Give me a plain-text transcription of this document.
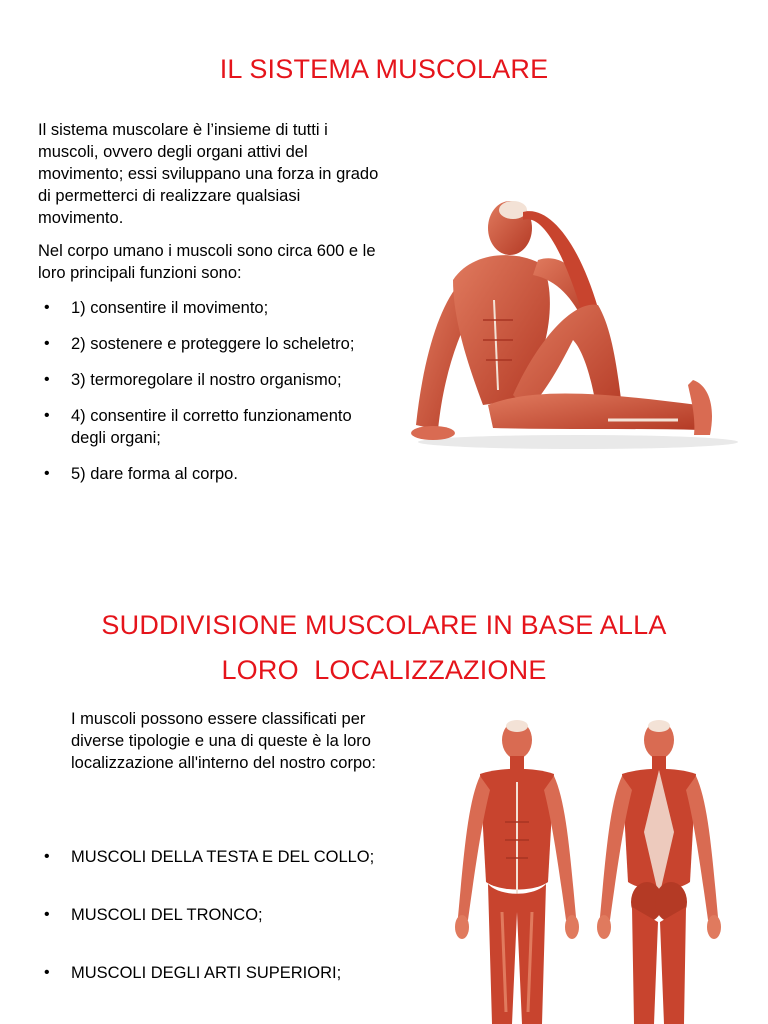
IL SISTEMA MUSCOLARE

Il sistema muscolare è l’insieme di tutti i muscoli, ovvero degli organi attivi del movimento; essi sviluppano una forza in grado di permetterci di realizzare qualsiasi movimento.

Nel corpo umano i muscoli sono circa 600 e le loro principali funzioni sono:

• 1) consentire il movimento;
• 2) sostenere e proteggere lo scheletro;
• 3) termoregolare il nostro organismo;
• 4) consentire il corretto funzionamento degli organi;
• 5) dare forma al corpo.
SUDDIVISIONE MUSCOLARE IN BASE ALLA
LORO  LOCALIZZAZIONE

I muscoli possono essere classificati per diverse tipologie e una di queste è la loro localizzazione all'interno del nostro corpo:

• MUSCOLI DELLA TESTA E DEL COLLO;
• MUSCOLI DEL TRONCO;
• MUSCOLI DEGLI ARTI SUPERIORI;
